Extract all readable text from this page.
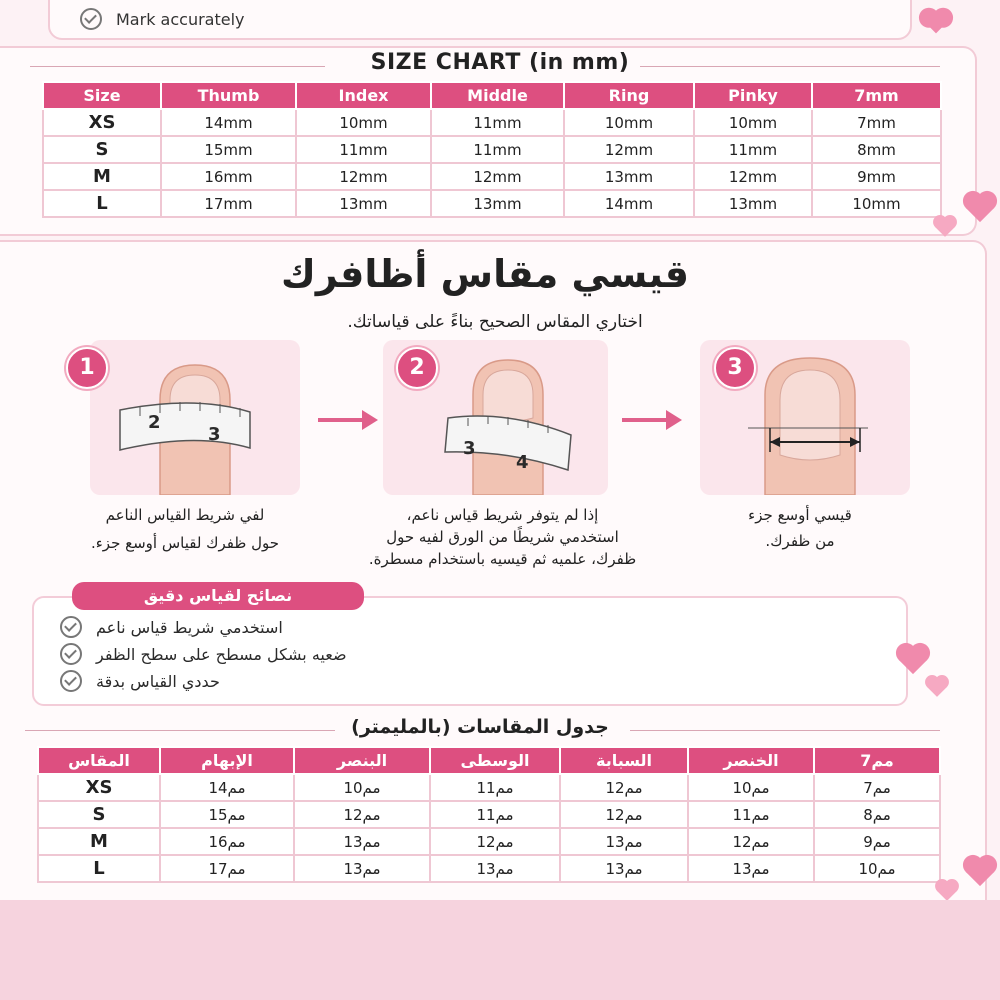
Mark accurately
SIZE CHART (in mm)
Size	Thumb	Index	Middle	Ring	Pinky	7mm
XS	14mm	10mm	11mm	10mm	10mm	7mm
S	15mm	11mm	11mm	12mm	11mm	8mm
M	16mm	12mm	12mm	13mm	12mm	9mm
L	17mm	13mm	13mm	14mm	13mm	10mm
قيسي مقاس أظافرك
اختاري المقاس الصحيح بناءً على قياساتك.
2
3
1
3
4
2	3
لفي شريط القياس الناعم
حول ظفرك لقياس أوسع جزء.
إذا لم يتوفر شريط قياس ناعم،
استخدمي شريطًا من الورق لفيه حول
ظفرك، علميه ثم قيسيه باستخدام مسطرة.
قيسي أوسع جزء
من ظفرك.
نصائح لقياس دقيق
استخدمي شريط قياس ناعم
ضعيه بشكل مسطح على سطح الظفر
حددي القياس بدقة
جدول المقاسات (بالمليمتر)
المقاس	الإبهام	البنصر	الوسطى	السبابة	الخنصر	7مم
XS	14مم	10مم	11مم	12مم	10مم	7مم
S	15مم	12مم	11مم	12مم	11مم	8مم
M	16مم	13مم	12مم	13مم	12مم	9مم
L	17مم	13مم	13مم	13مم	13مم	10مم
